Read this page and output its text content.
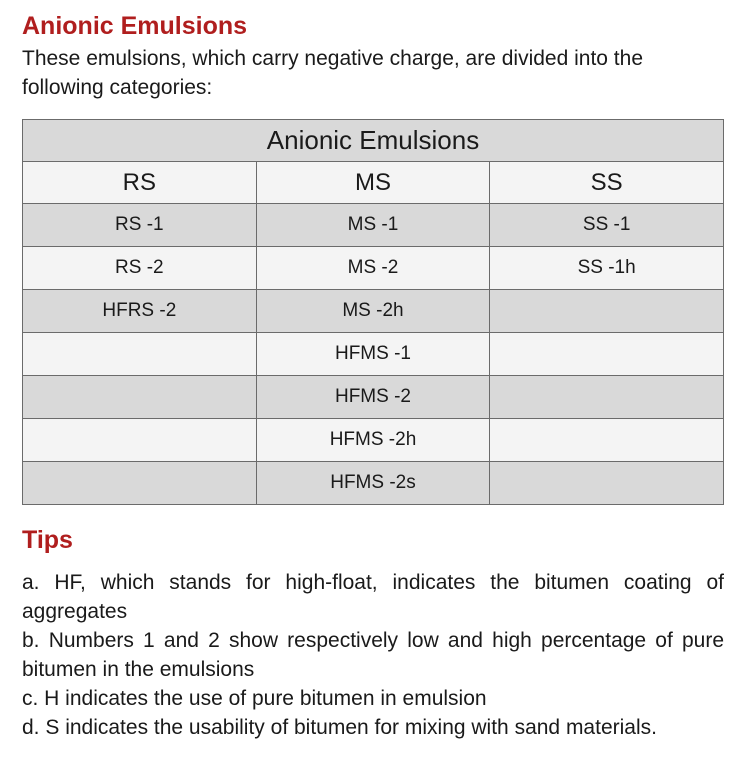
Anionic Emulsions

These emulsions, which carry negative charge, are divided into the following categories:

Anionic Emulsions		
RS	MS	SS
RS -1	MS -1	SS -1
RS -2	MS -2	SS -1h
HFRS -2	MS -2h	
	HFMS -1	
	HFMS -2	
	HFMS -2h	
	HFMS -2s	
Tips

a. HF, which stands for high-float, indicates the bitumen coating of aggregates

b. Numbers 1 and 2 show respectively low and high percentage of pure bitumen in the emulsions

c. H indicates the use of pure bitumen in emulsion

d. S indicates the usability of bitumen for mixing with sand materials.
